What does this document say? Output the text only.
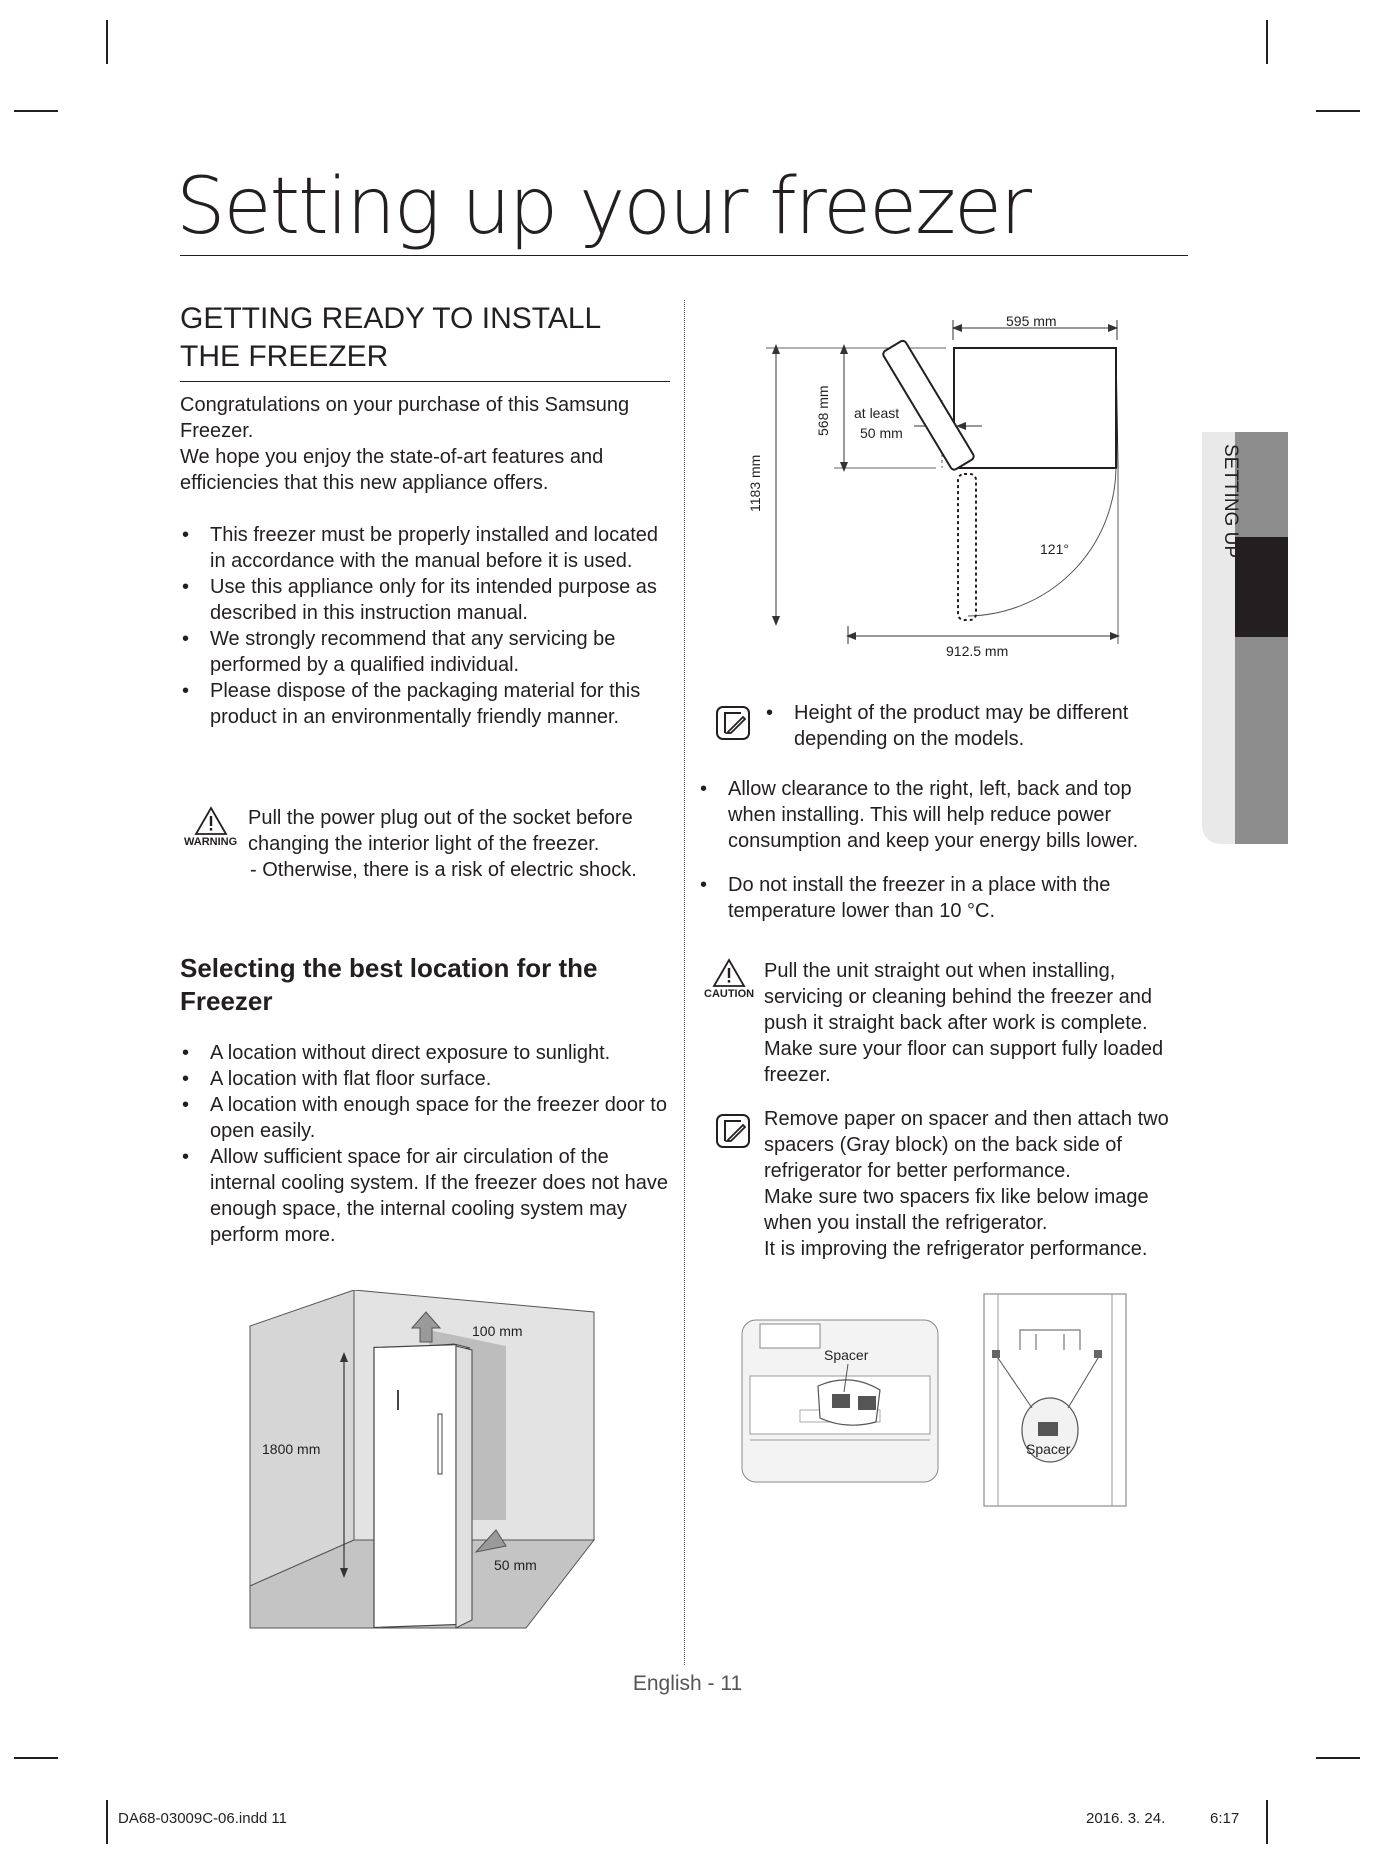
Setting up your freezer
SETTING UP
GETTING READY TO INSTALL
THE FREEZER
Congratulations on your purchase of this Samsung Freezer.
We hope you enjoy the state-of-art features and efficiencies that this new appliance offers.
• This freezer must be properly installed and located in accordance with the manual before it is used.
• Use this appliance only for its intended purpose as described in this instruction manual.
• We strongly recommend that any servicing be performed by a qualified individual.
• Please dispose of the packaging material for this product in an environmentally friendly manner.
WARNING
Pull the power plug out of the socket before changing the interior light of the freezer.
- Otherwise, there is a risk of electric shock.
Selecting the best location for the Freezer
• A location without direct exposure to sunlight.
• A location with flat floor surface.
• A location with enough space for the freezer door to open easily.
• Allow sufficient space for air circulation of the internal cooling system. If the freezer does not have enough space, the internal cooling system may perform more.
100 mm
1800 mm
50 mm
595 mm
1183 mm
568 mm at least
50 mm
121°
912.5 mm
• Height of the product may be different depending on the models.
• Allow clearance to the right, left, back and top when installing. This will help reduce power consumption and keep your energy bills lower.
• Do not install the freezer in a place with the temperature lower than 10 °C.
CAUTION
Pull the unit straight out when installing, servicing or cleaning behind the freezer and push it straight back after work is complete. Make sure your floor can support fully loaded freezer.
Remove paper on spacer and then attach two spacers (Gray block) on the back side of refrigerator for better performance.
Make sure two spacers fix like below image when you install the refrigerator.
It is improving the refrigerator performance.
Spacer
Spacer
English - 11
DA68-03009C-06.indd 11	2016. 3. 24.	6:17
